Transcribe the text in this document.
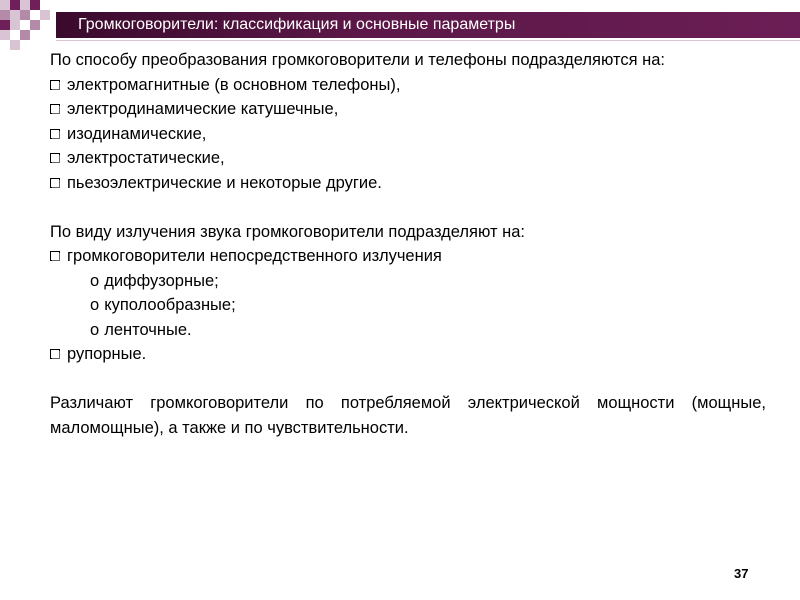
Громкоговорители: классификация и основные параметры

По способу преобразования громкоговорители и телефоны подразделяются на:

электромагнитные (в основном телефоны),

электродинамические катушечные,

изодинамические,

электростатические,

пьезоэлектрические и некоторые другие.

По виду излучения звука громкоговорители подразделяют на:

громкоговорители непосредственного излучения

o диффузорные;

o куполообразные;

o ленточные.

рупорные.

Различают громкоговорители по потребляемой электрической мощности (мощные, маломощные), а также и по чувствительности.

37
